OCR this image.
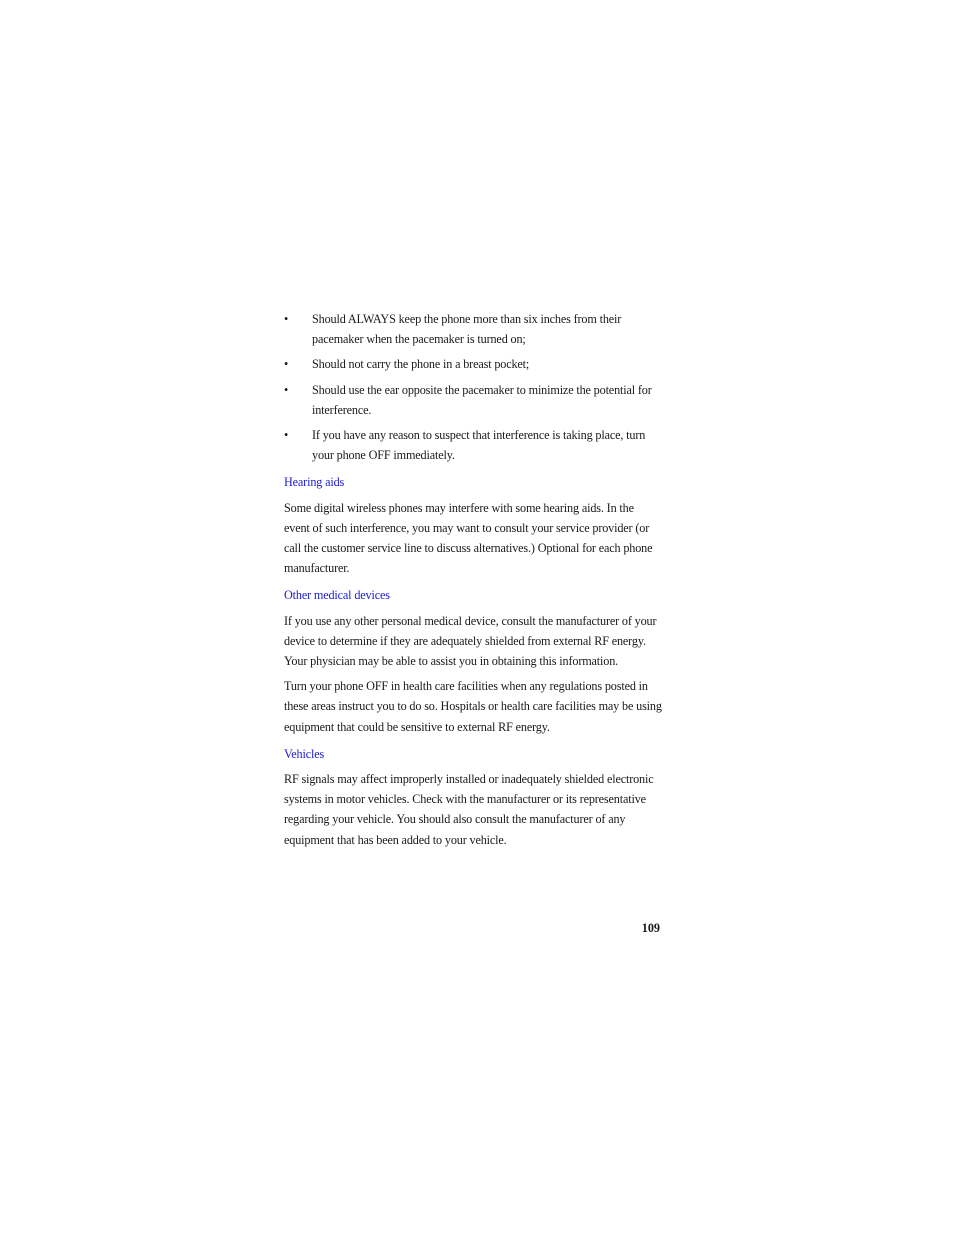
•	Should ALWAYS keep the phone more than six inches from their pacemaker when the pacemaker is turned on;
•	Should not carry the phone in a breast pocket;
•	Should use the ear opposite the pacemaker to minimize the potential for interference.
•	If you have any reason to suspect that interference is taking place, turn your phone OFF immediately.
Hearing aids

Some digital wireless phones may interfere with some hearing aids. In the event of such interference, you may want to consult your service provider (or call the customer service line to discuss alternatives.) Optional for each phone manufacturer.

Other medical devices

If you use any other personal medical device, consult the manufacturer of your device to determine if they are adequately shielded from external RF energy. Your physician may be able to assist you in obtaining this information.

Turn your phone OFF in health care facilities when any regulations posted in these areas instruct you to do so. Hospitals or health care facilities may be using equipment that could be sensitive to external RF energy.

Vehicles

RF signals may affect improperly installed or inadequately shielded electronic systems in motor vehicles. Check with the manufacturer or its representative regarding your vehicle. You should also consult the manufacturer of any equipment that has been added to your vehicle.

109
